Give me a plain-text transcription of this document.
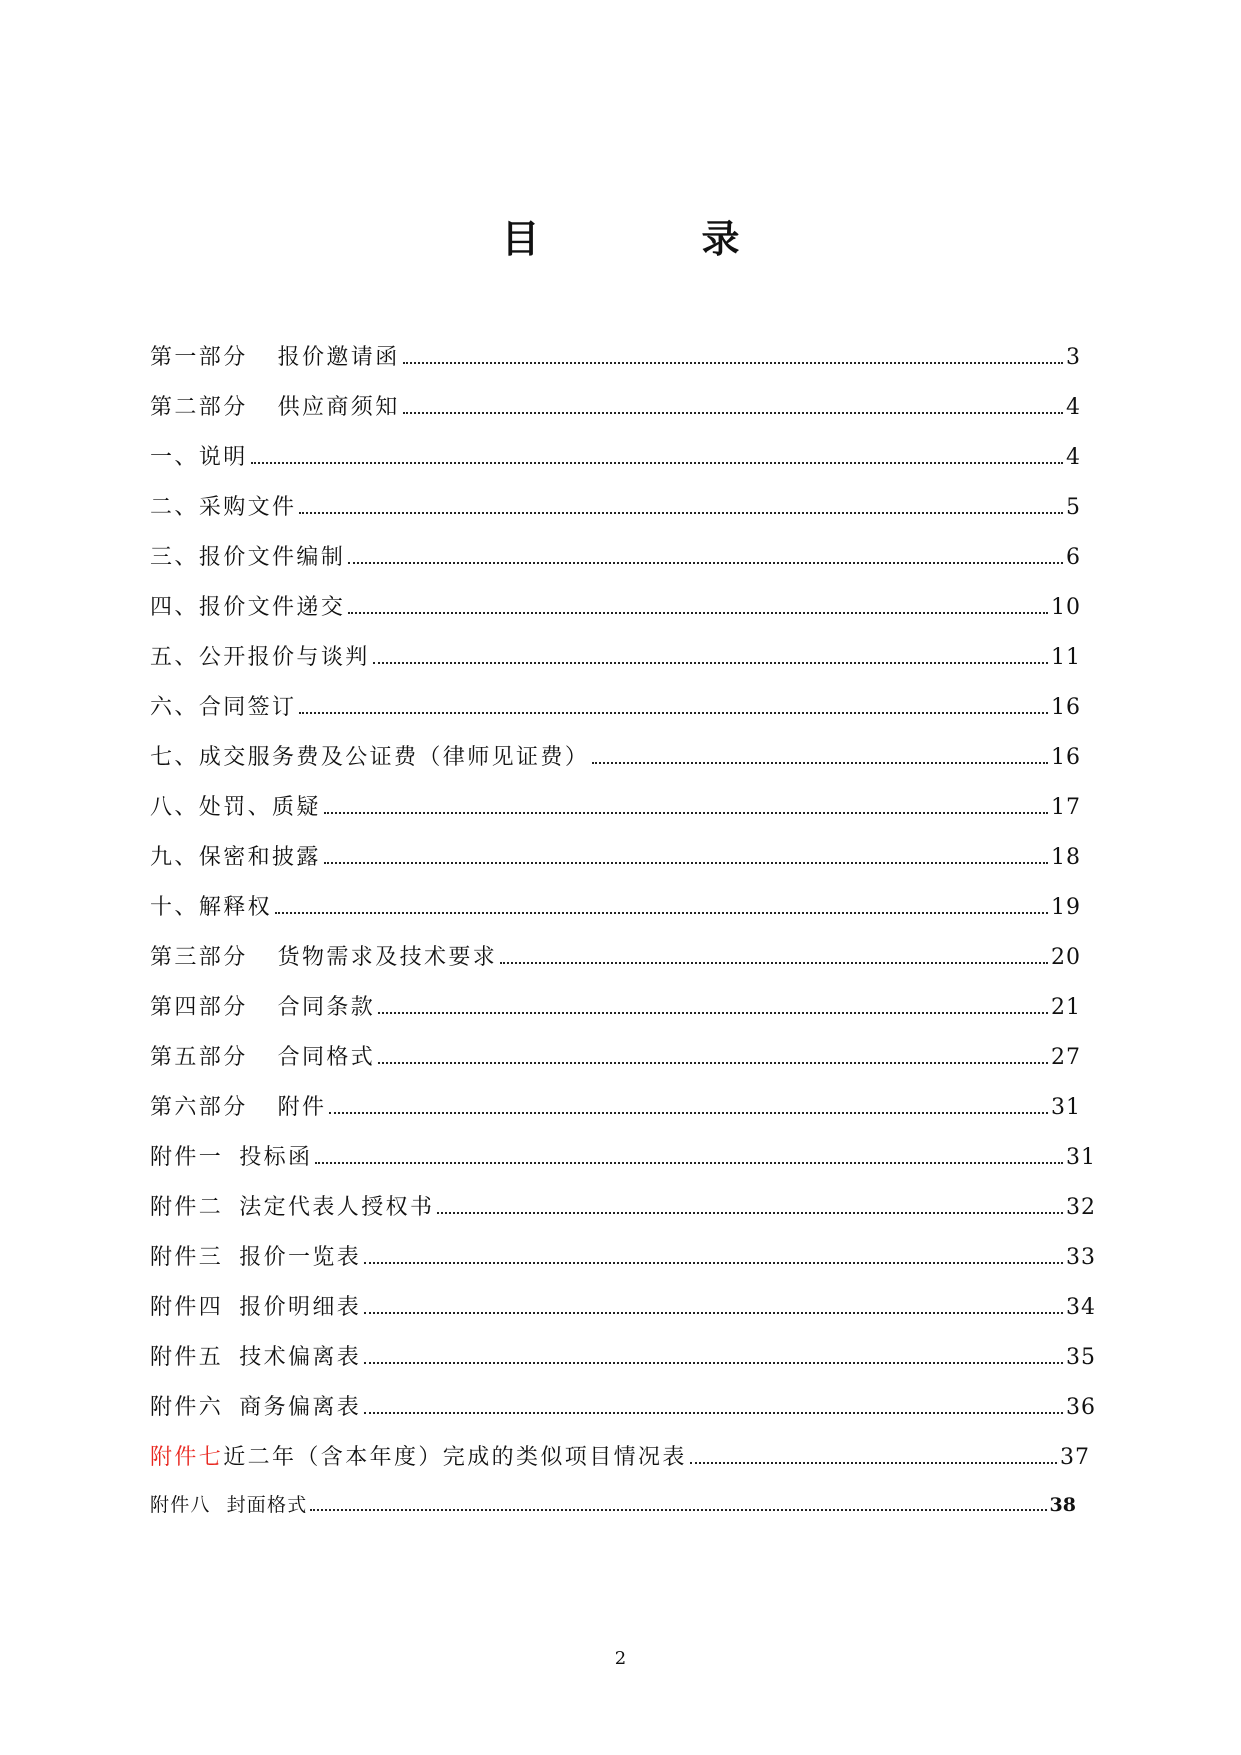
目　录
第一部分 报价邀请函	3
第二部分 供应商须知	4
一、说明	4
二、采购文件	5
三、报价文件编制	6
四、报价文件递交	10
五、公开报价与谈判	11
六、合同签订	16
七、成交服务费及公证费（律师见证费）	16
八、处罚、质疑	17
九、保密和披露	18
十、解释权	19
第三部分 货物需求及技术要求	20
第四部分 合同条款	21
第五部分 合同格式	27
第六部分 附件	31
附件一 投标函	31
附件二 法定代表人授权书	32
附件三 报价一览表	33
附件四 报价明细表	34
附件五 技术偏离表	35
附件六 商务偏离表	36
附件七近二年（含本年度）完成的类似项目情况表	37
附件八 封面格式	38
2
